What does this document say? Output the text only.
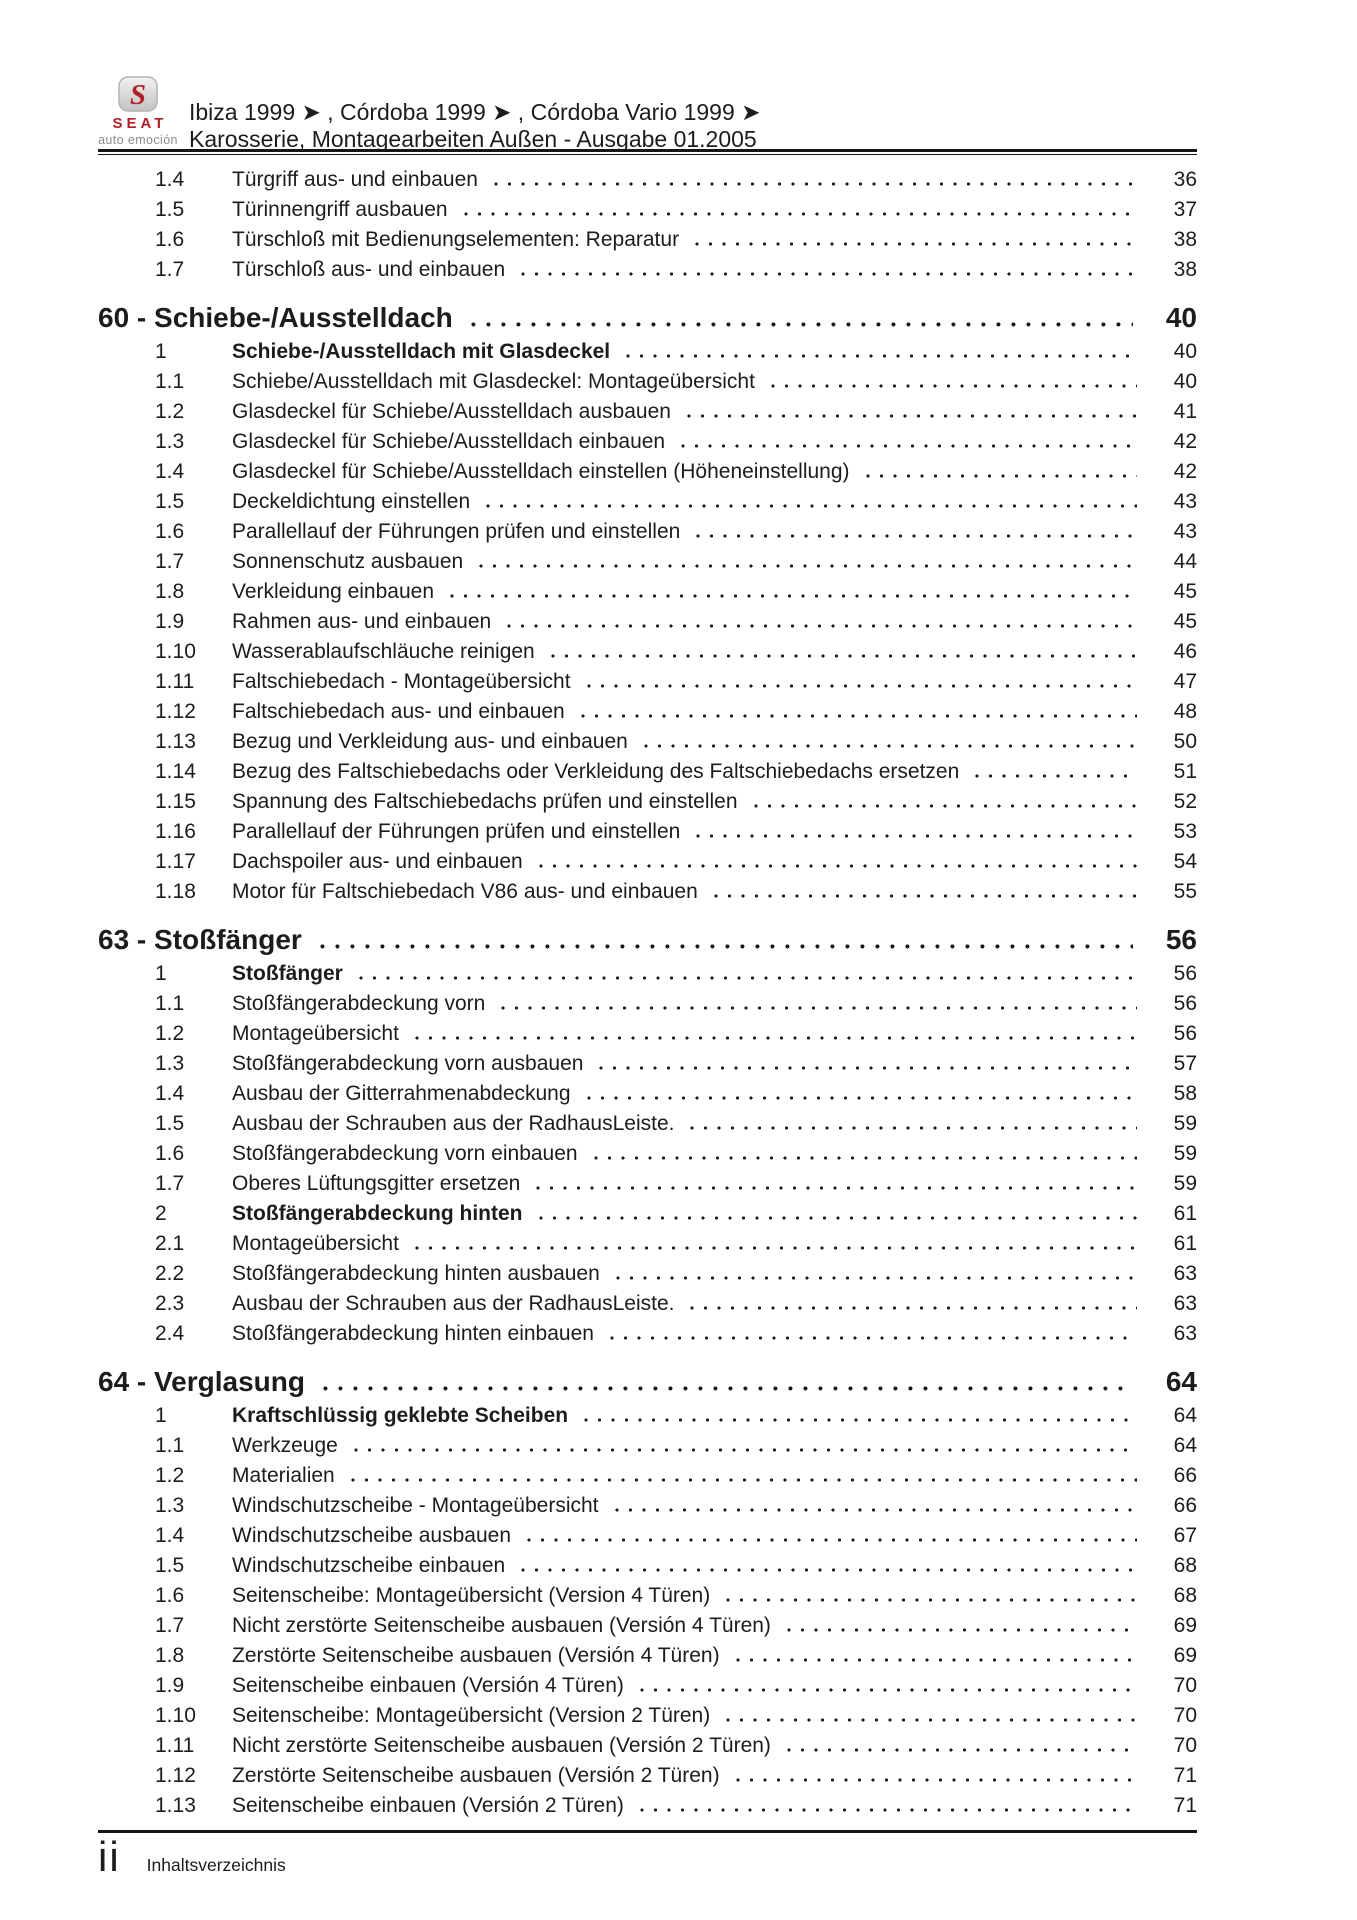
S
SEAT
auto emoción
Ibiza 1999 ➤ , Córdoba 1999 ➤ , Córdoba Vario 1999 ➤
Karosserie, Montagearbeiten Außen - Ausgabe 01.2005
1.4	Türgriff aus- und einbauen	36
1.5	Türinnengriff ausbauen	37
1.6	Türschloß mit Bedienungselementen: Reparatur	38
1.7	Türschloß aus- und einbauen	38
60 - Schiebe-/Ausstelldach	40
1	Schiebe-/Ausstelldach mit Glasdeckel	40
1.1	Schiebe/Ausstelldach mit Glasdeckel: Montageübersicht	40
1.2	Glasdeckel für Schiebe/Ausstelldach ausbauen	41
1.3	Glasdeckel für Schiebe/Ausstelldach einbauen	42
1.4	Glasdeckel für Schiebe/Ausstelldach einstellen (Höheneinstellung)	42
1.5	Deckeldichtung einstellen	43
1.6	Parallellauf der Führungen prüfen und einstellen	43
1.7	Sonnenschutz ausbauen	44
1.8	Verkleidung einbauen	45
1.9	Rahmen aus- und einbauen	45
1.10	Wasserablaufschläuche reinigen	46
1.11	Faltschiebedach - Montageübersicht	47
1.12	Faltschiebedach aus- und einbauen	48
1.13	Bezug und Verkleidung aus- und einbauen	50
1.14	Bezug des Faltschiebedachs oder Verkleidung des Faltschiebedachs ersetzen	51
1.15	Spannung des Faltschiebedachs prüfen und einstellen	52
1.16	Parallellauf der Führungen prüfen und einstellen	53
1.17	Dachspoiler aus- und einbauen	54
1.18	Motor für Faltschiebedach V86 aus- und einbauen	55
63 - Stoßfänger	56
1	Stoßfänger	56
1.1	Stoßfängerabdeckung vorn	56
1.2	Montageübersicht	56
1.3	Stoßfängerabdeckung vorn ausbauen	57
1.4	Ausbau der Gitterrahmenabdeckung	58
1.5	Ausbau der Schrauben aus der RadhausLeiste.	59
1.6	Stoßfängerabdeckung vorn einbauen	59
1.7	Oberes Lüftungsgitter ersetzen	59
2	Stoßfängerabdeckung hinten	61
2.1	Montageübersicht	61
2.2	Stoßfängerabdeckung hinten ausbauen	63
2.3	Ausbau der Schrauben aus der RadhausLeiste.	63
2.4	Stoßfängerabdeckung hinten einbauen	63
64 - Verglasung	64
1	Kraftschlüssig geklebte Scheiben	64
1.1	Werkzeuge	64
1.2	Materialien	66
1.3	Windschutzscheibe - Montageübersicht	66
1.4	Windschutzscheibe ausbauen	67
1.5	Windschutzscheibe einbauen	68
1.6	Seitenscheibe: Montageübersicht (Version 4 Türen)	68
1.7	Nicht zerstörte Seitenscheibe ausbauen (Versión 4 Türen)	69
1.8	Zerstörte Seitenscheibe ausbauen (Versión 4 Türen)	69
1.9	Seitenscheibe einbauen (Versión 4 Türen)	70
1.10	Seitenscheibe: Montageübersicht (Version 2 Türen)	70
1.11	Nicht zerstörte Seitenscheibe ausbauen (Versión 2 Türen)	70
1.12	Zerstörte Seitenscheibe ausbauen (Versión 2 Türen)	71
1.13	Seitenscheibe einbauen (Versión 2 Türen)	71
ii Inhaltsverzeichnis
